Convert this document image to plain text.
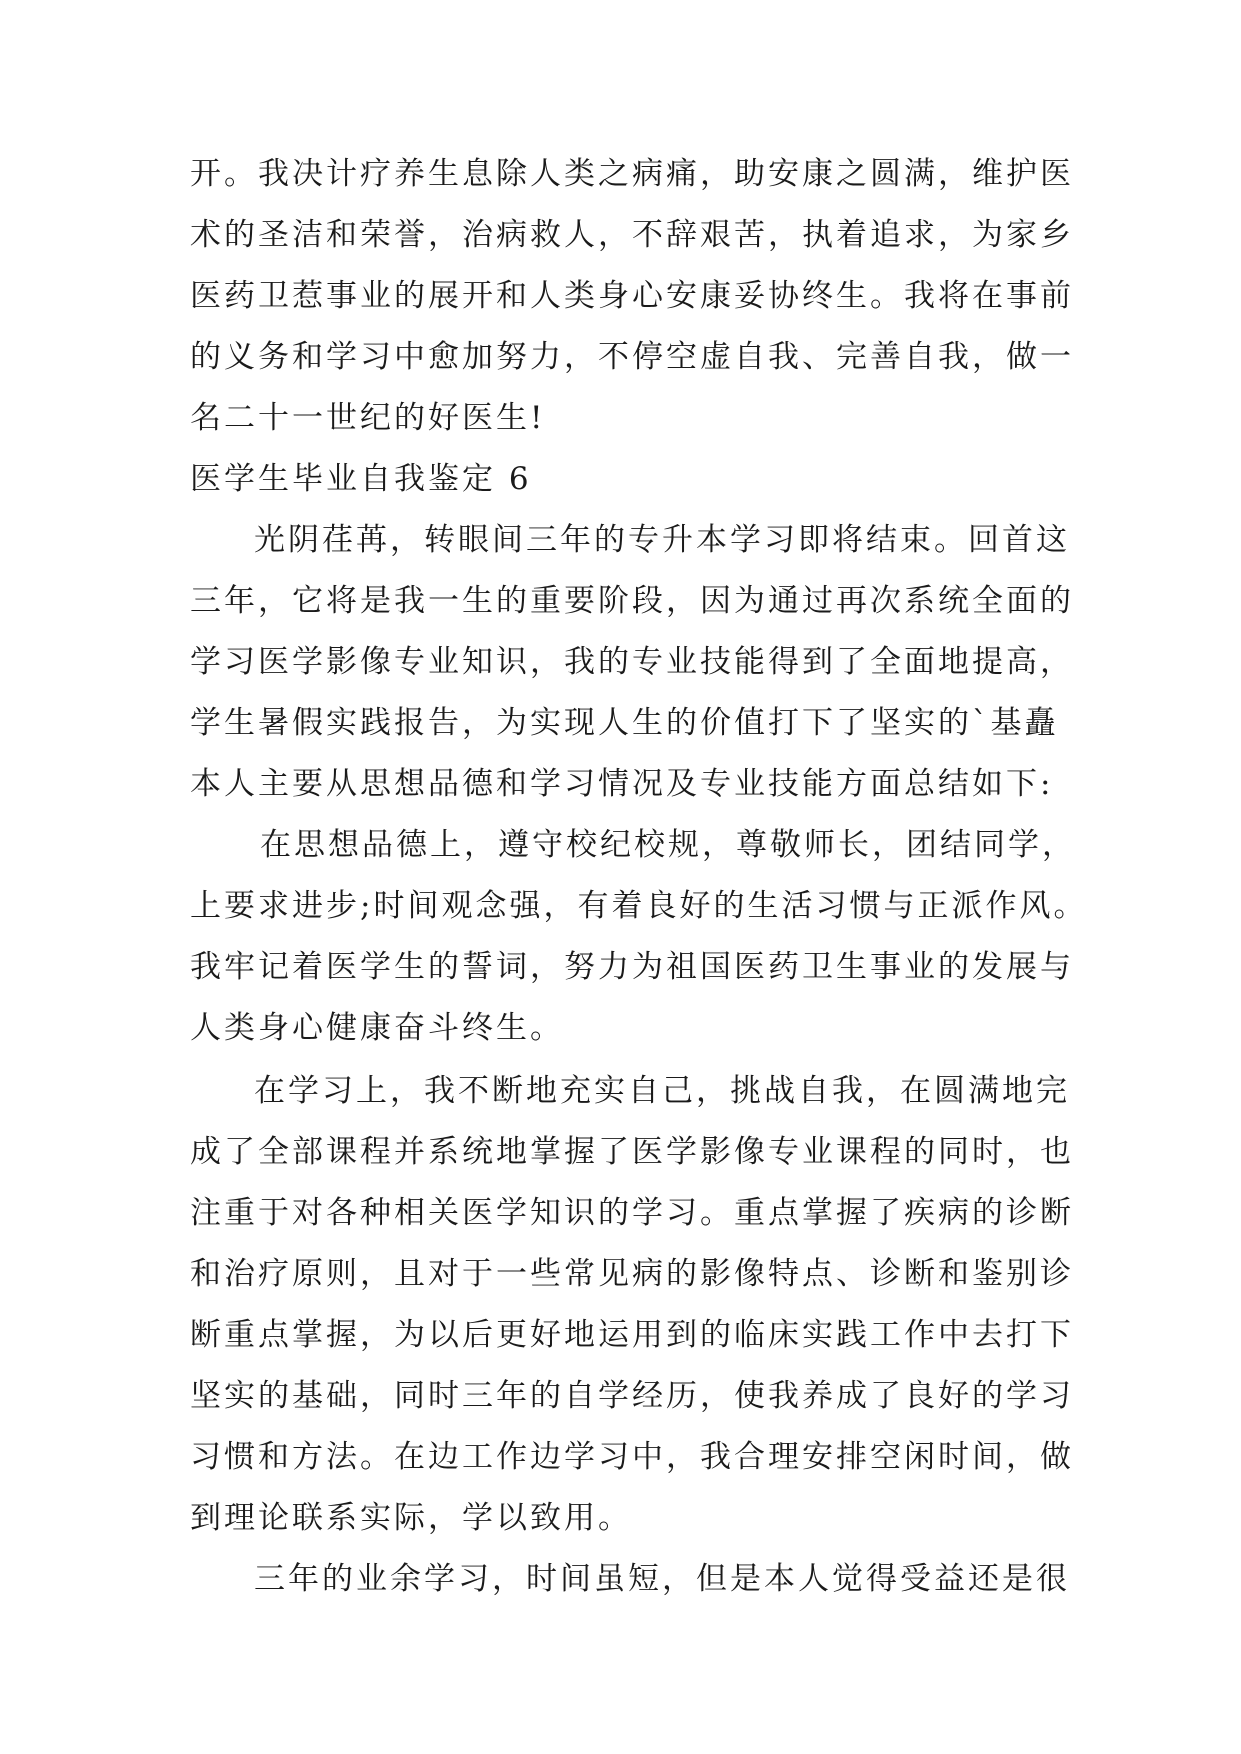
开。我决计疗养生息除人类之病痛，助安康之圆满，维护医
术的圣洁和荣誉，治病救人，不辞艰苦，执着追求，为家乡
医药卫惹事业的展开和人类身心安康妥协终生。我将在事前
的义务和学习中愈加努力，不停空虚自我、完善自我，做一
名二十一世纪的好医生!
医学生毕业自我鉴定 6
光阴荏苒，转眼间三年的专升本学习即将结束。回首这
三年，它将是我一生的重要阶段，因为通过再次系统全面的
学习医学影像专业知识，我的专业技能得到了全面地提高，
学生暑假实践报告，为实现人生的价值打下了坚实的`基矗
本人主要从思想品德和学习情况及专业技能方面总结如下:
在思想品德上，遵守校纪校规，尊敬师长，团结同学，
上要求进步;时间观念强，有着良好的生活习惯与正派作风。
我牢记着医学生的誓词，努力为祖国医药卫生事业的发展与
人类身心健康奋斗终生。
在学习上，我不断地充实自己，挑战自我，在圆满地完
成了全部课程并系统地掌握了医学影像专业课程的同时，也
注重于对各种相关医学知识的学习。重点掌握了疾病的诊断
和治疗原则，且对于一些常见病的影像特点、诊断和鉴别诊
断重点掌握，为以后更好地运用到的临床实践工作中去打下
坚实的基础，同时三年的自学经历，使我养成了良好的学习
习惯和方法。在边工作边学习中，我合理安排空闲时间，做
到理论联系实际，学以致用。
三年的业余学习，时间虽短，但是本人觉得受益还是很
